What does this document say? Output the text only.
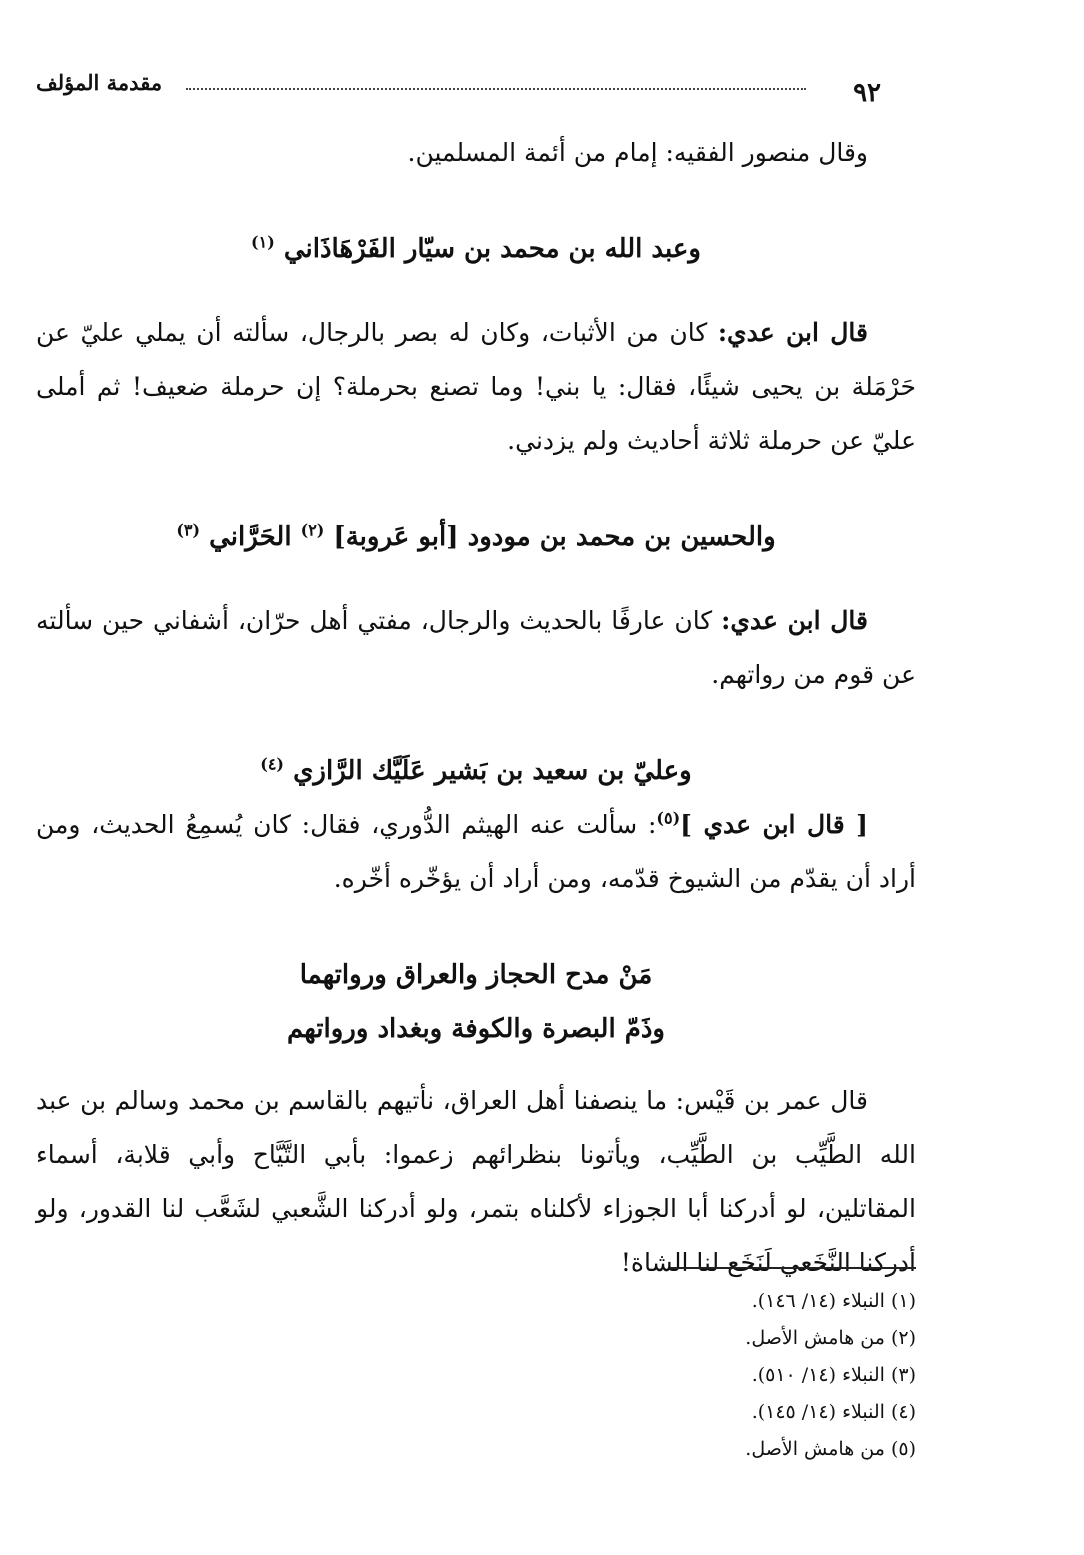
٩٢
مقدمة المؤلف

وقال منصور الفقيه: إمام من أئمة المسلمين.

وعبد الله بن محمد بن سيّار الفَرْهَاذَاني $^{(١)}$

قال ابن عدي: كان من الأثبات، وكان له بصر بالرجال، سألته أن يملي عليّ عن حَرْمَلة بن يحيى شيئًا، فقال: يا بني! وما تصنع بحرملة؟ إن حرملة ضعيف! ثم أملى عليّ عن حرملة ثلاثة أحاديث ولم يزدني.

والحسين بن محمد بن مودود [أبو عَروبة] $^{(٢)}$ الحَرَّاني $^{(٣)}$

قال ابن عدي: كان عارفًا بالحديث والرجال، مفتي أهل حرّان، أشفاني حين سألته عن قوم من رواتهم.

وعليّ بن سعيد بن بَشير عَلَيَّك الرَّازي $^{(٤)}$

[ قال ابن عدي ]$^{(٥)}$: سألت عنه الهيثم الدُّوري، فقال: كان يُسمِعُ الحديث، ومن أراد أن يقدّم من الشيوخ قدّمه، ومن أراد أن يؤخّره أخّره.

مَنْ مدح الحجاز والعراق ورواتهما

وذَمّ البصرة والكوفة وبغداد ورواتهم

قال عمر بن قَيْس: ما ينصفنا أهل العراق، نأتيهم بالقاسم بن محمد وسالم بن عبد الله الطَّيِّب بن الطَّيِّب، ويأتونا بنظرائهم زعموا: بأبي التَّيَّاح وأبي قلابة، أسماء المقاتلين، لو أدركنا أبا الجوزاء لأكلناه بتمر، ولو أدركنا الشَّعبي لشَعَّب لنا القدور، ولو أدركنا النَّخَعي لَنَخَع لنا الشاة!

(١) النبلاء (١٤/ ١٤٦).
(٢) من هامش الأصل.
(٣) النبلاء (١٤/ ٥١٠).
(٤) النبلاء (١٤/ ١٤٥).
(٥) من هامش الأصل.
